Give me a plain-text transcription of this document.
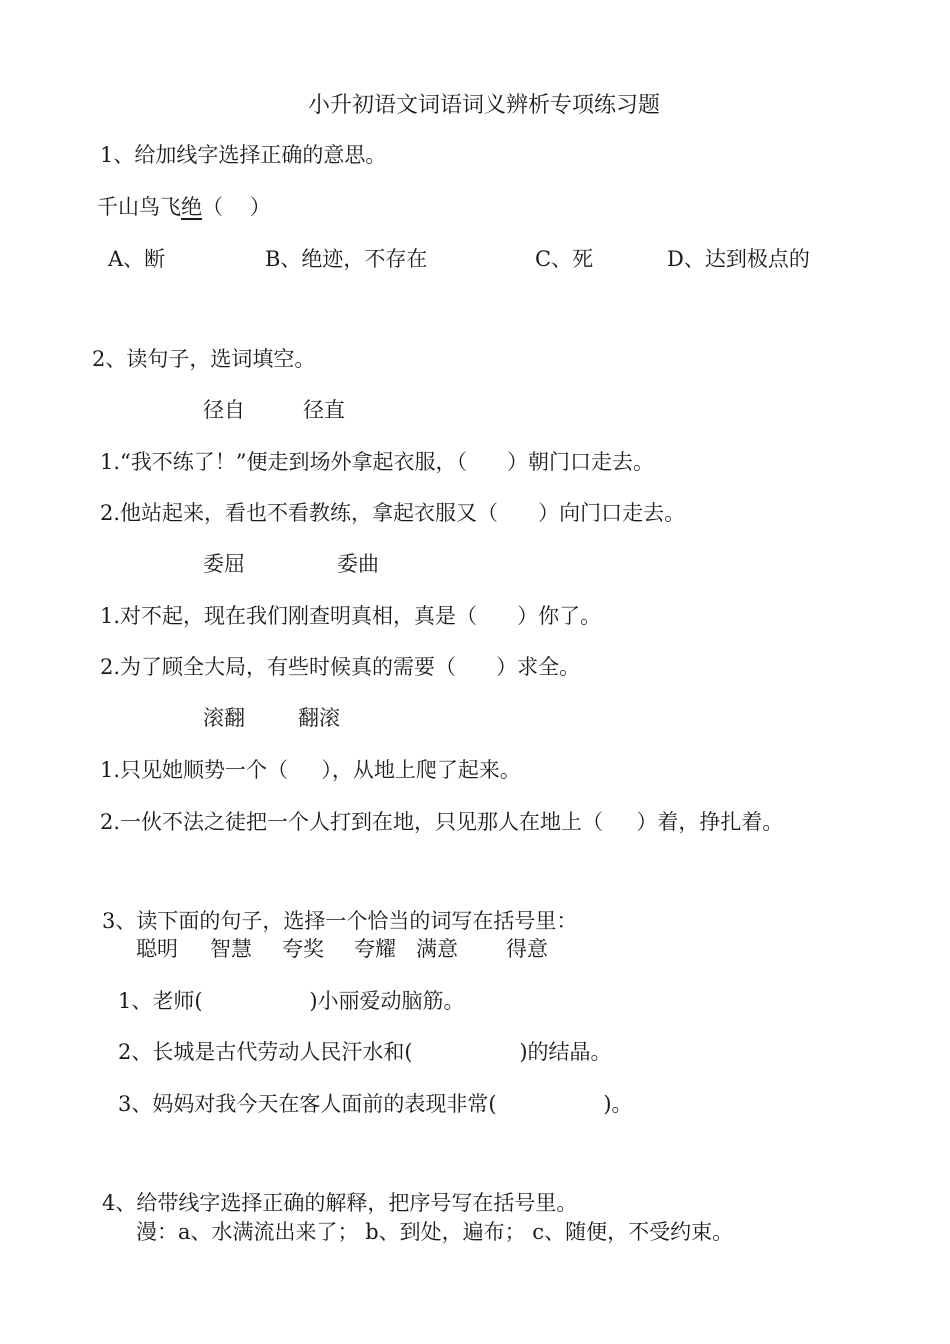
小升初语文词语词义辨析专项练习题
1、给加线字选择正确的意思。
千山鸟飞绝（    ）
A、断	B、绝迹，不存在	C、死	D、达到极点的
2、读句子，选词填空。
径自	径直
1.“我不练了！”便走到场外拿起衣服，（      ）朝门口走去。
2.他站起来，看也不看教练，拿起衣服又（      ）向门口走去。
委屈	委曲
1.对不起，现在我们刚查明真相，真是（      ）你了。
2.为了顾全大局，有些时候真的需要（      ）求全。
滚翻	翻滚
1.只见她顺势一个（     ），从地上爬了起来。
2.一伙不法之徒把一个人打到在地，只见那人在地上（     ）着，挣扎着。
3、读下面的句子，选择一个恰当的词写在括号里：
聪明 智慧 夸奖 夸耀 满意 得意
1、老师(                )小丽爱动脑筋。
2、长城是古代劳动人民汗水和(                )的结晶。
3、妈妈对我今天在客人面前的表现非常(                )。
4、给带线字选择正确的解释，把序号写在括号里。
漫：a、水满流出来了； b、到处，遍布； c、随便，不受约束。
